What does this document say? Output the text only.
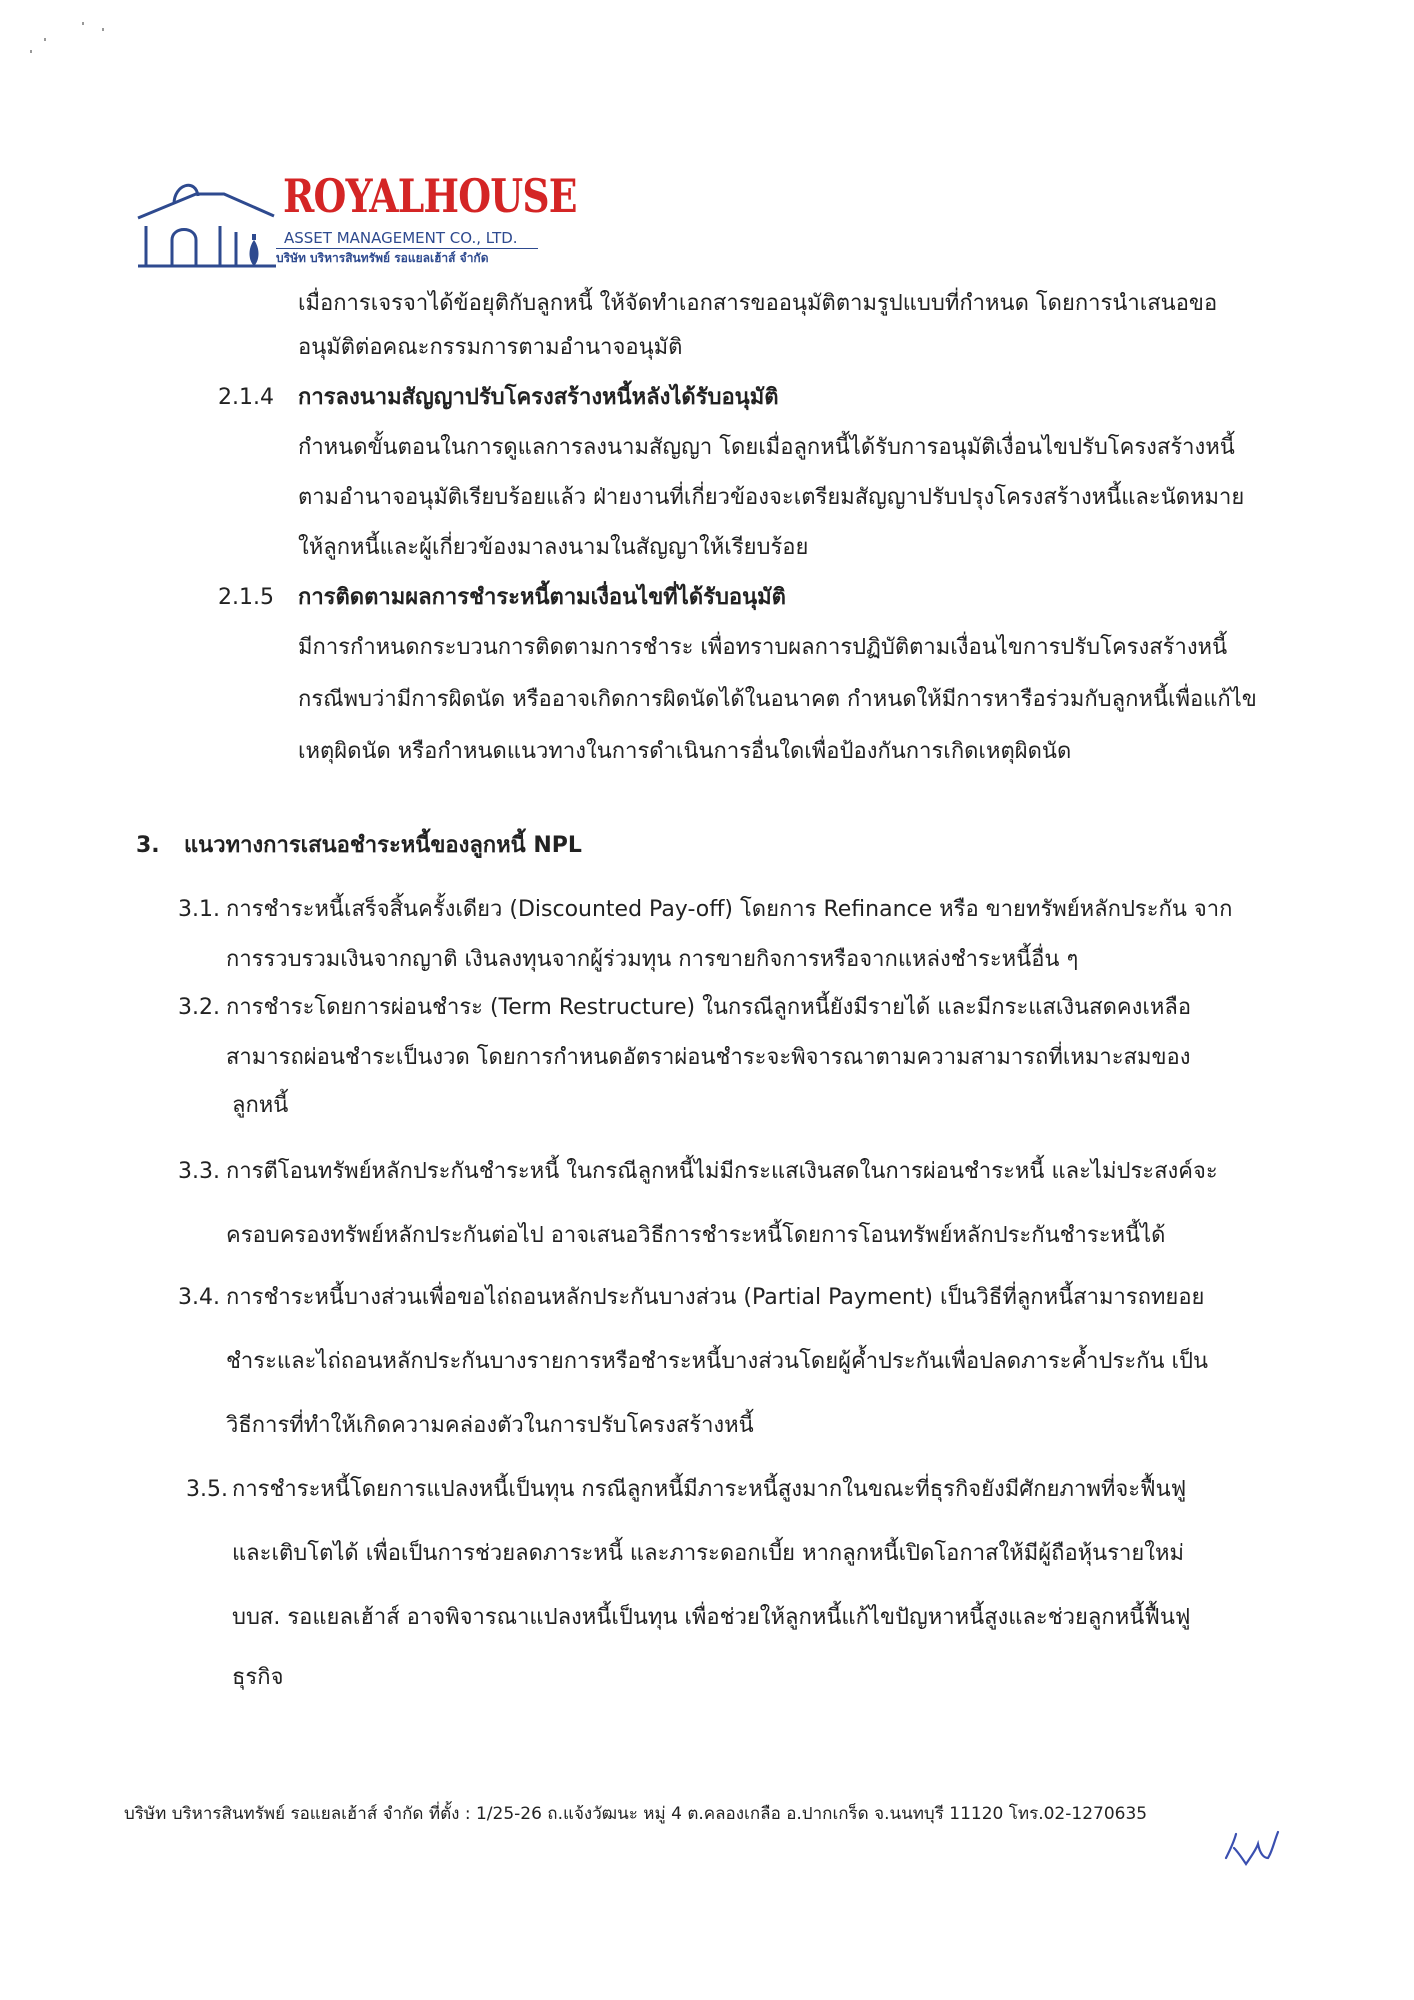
ROYALHOUSE
ASSET MANAGEMENT CO., LTD.
บริษัท บริหารสินทรัพย์ รอแยลเฮ้าส์ จำกัด
เมื่อการเจรจาได้ข้อยุติกับลูกหนี้ ให้จัดทำเอกสารขออนุมัติตามรูปแบบที่กำหนด โดยการนำเสนอขอ
อนุมัติต่อคณะกรรมการตามอำนาจอนุมัติ
2.1.4 การลงนามสัญญาปรับโครงสร้างหนี้หลังได้รับอนุมัติ
กำหนดขั้นตอนในการดูแลการลงนามสัญญา โดยเมื่อลูกหนี้ได้รับการอนุมัติเงื่อนไขปรับโครงสร้างหนี้
ตามอำนาจอนุมัติเรียบร้อยแล้ว ฝ่ายงานที่เกี่ยวข้องจะเตรียมสัญญาปรับปรุงโครงสร้างหนี้และนัดหมาย
ให้ลูกหนี้และผู้เกี่ยวข้องมาลงนามในสัญญาให้เรียบร้อย
2.1.5 การติดตามผลการชำระหนี้ตามเงื่อนไขที่ได้รับอนุมัติ
มีการกำหนดกระบวนการติดตามการชำระ เพื่อทราบผลการปฏิบัติตามเงื่อนไขการปรับโครงสร้างหนี้
กรณีพบว่ามีการผิดนัด หรืออาจเกิดการผิดนัดได้ในอนาคต กำหนดให้มีการหารือร่วมกับลูกหนี้เพื่อแก้ไข
เหตุผิดนัด หรือกำหนดแนวทางในการดำเนินการอื่นใดเพื่อป้องกันการเกิดเหตุผิดนัด
3. แนวทางการเสนอชำระหนี้ของลูกหนี้ NPL
3.1. การชำระหนี้เสร็จสิ้นครั้งเดียว (Discounted Pay-off) โดยการ Refinance หรือ ขายทรัพย์หลักประกัน จาก
การรวบรวมเงินจากญาติ เงินลงทุนจากผู้ร่วมทุน การขายกิจการหรือจากแหล่งชำระหนี้อื่น ๆ
3.2. การชำระโดยการผ่อนชำระ (Term Restructure) ในกรณีลูกหนี้ยังมีรายได้ และมีกระแสเงินสดคงเหลือ
สามารถผ่อนชำระเป็นงวด โดยการกำหนดอัตราผ่อนชำระจะพิจารณาตามความสามารถที่เหมาะสมของ
ลูกหนี้
3.3. การตีโอนทรัพย์หลักประกันชำระหนี้ ในกรณีลูกหนี้ไม่มีกระแสเงินสดในการผ่อนชำระหนี้ และไม่ประสงค์จะ
ครอบครองทรัพย์หลักประกันต่อไป อาจเสนอวิธีการชำระหนี้โดยการโอนทรัพย์หลักประกันชำระหนี้ได้
3.4. การชำระหนี้บางส่วนเพื่อขอไถ่ถอนหลักประกันบางส่วน (Partial Payment) เป็นวิธีที่ลูกหนี้สามารถทยอย
ชำระและไถ่ถอนหลักประกันบางรายการหรือชำระหนี้บางส่วนโดยผู้ค้ำประกันเพื่อปลดภาระค้ำประกัน เป็น
วิธีการที่ทำให้เกิดความคล่องตัวในการปรับโครงสร้างหนี้
3.5. การชำระหนี้โดยการแปลงหนี้เป็นทุน กรณีลูกหนี้มีภาระหนี้สูงมากในขณะที่ธุรกิจยังมีศักยภาพที่จะฟื้นฟู
และเติบโตได้ เพื่อเป็นการช่วยลดภาระหนี้ และภาระดอกเบี้ย หากลูกหนี้เปิดโอกาสให้มีผู้ถือหุ้นรายใหม่
บบส. รอแยลเฮ้าส์ อาจพิจารณาแปลงหนี้เป็นทุน เพื่อช่วยให้ลูกหนี้แก้ไขปัญหาหนี้สูงและช่วยลูกหนี้ฟื้นฟู
ธุรกิจ
บริษัท บริหารสินทรัพย์ รอแยลเฮ้าส์ จำกัด ที่ตั้ง : 1/25-26 ถ.แจ้งวัฒนะ หมู่ 4 ต.คลองเกลือ อ.ปากเกร็ด จ.นนทบุรี 11120 โทร.02-1270635
